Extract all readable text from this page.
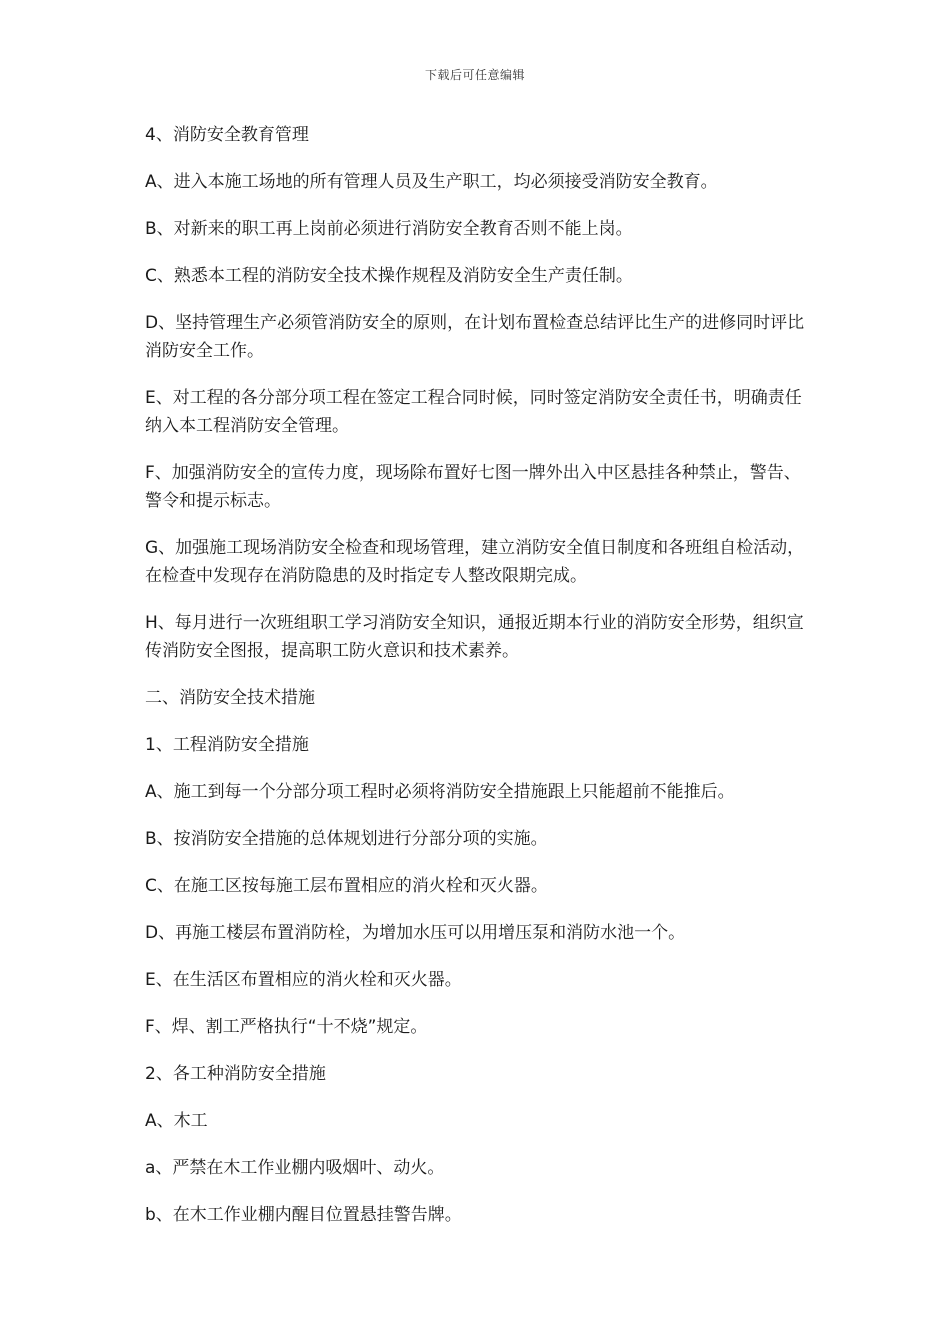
下载后可任意编辑

4、消防安全教育管理

A、进入本施工场地的所有管理人员及生产职工，均必须接受消防安全教育。

B、对新来的职工再上岗前必须进行消防安全教育否则不能上岗。

C、熟悉本工程的消防安全技术操作规程及消防安全生产责任制。

D、坚持管理生产必须管消防安全的原则，在计划布置检查总结评比生产的进修同时评比消防安全工作。

E、对工程的各分部分项工程在签定工程合同时候，同时签定消防安全责任书，明确责任纳入本工程消防安全管理。

F、加强消防安全的宣传力度，现场除布置好七图一牌外出入中区悬挂各种禁止，警告、警令和提示标志。

G、加强施工现场消防安全检查和现场管理，建立消防安全值日制度和各班组自检活动，在检查中发现存在消防隐患的及时指定专人整改限期完成。

H、每月进行一次班组职工学习消防安全知识，通报近期本行业的消防安全形势，组织宣传消防安全图报，提高职工防火意识和技术素养。

二、消防安全技术措施

1、工程消防安全措施

A、施工到每一个分部分项工程时必须将消防安全措施跟上只能超前不能推后。

B、按消防安全措施的总体规划进行分部分项的实施。

C、在施工区按每施工层布置相应的消火栓和灭火器。

D、再施工楼层布置消防栓，为增加水压可以用增压泵和消防水池一个。

E、在生活区布置相应的消火栓和灭火器。

F、焊、割工严格执行“十不烧”规定。

2、各工种消防安全措施

A、木工

a、严禁在木工作业棚内吸烟叶、动火。

b、在木工作业棚内醒目位置悬挂警告牌。
